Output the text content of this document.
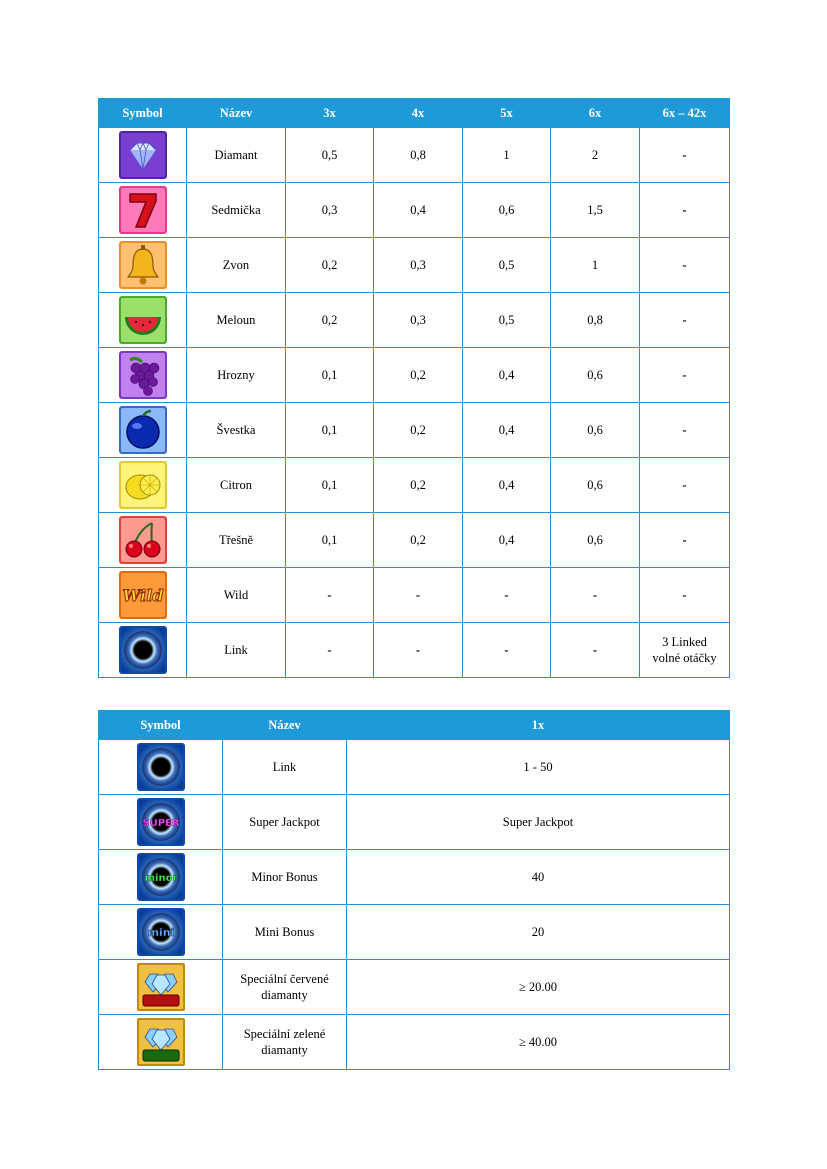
Symbol	Název	3x	4x	5x	6x	6x – 42x

	Diamant	0,5	0,8	1	2	-

	Sedmička	0,3	0,4	0,6	1,5	-

	Zvon	0,2	0,3	0,5	1	-

	Meloun	0,2	0,3	0,5	0,8	-

	Hrozny	0,1	0,2	0,4	0,6	-

	Švestka	0,1	0,2	0,4	0,6	-

	Citron	0,1	0,2	0,4	0,6	-

	Třešně	0,1	0,2	0,4	0,6	-

Wild	Wild	-	-	-	-	-

	Link	-	-	-	-	3 Linked
volné otáčky
Symbol	Název	1x

	Link	1 - 50

SUPER	Super Jackpot	Super Jackpot

minor	Minor Bonus	40

mini	Mini Bonus	20

	Speciální červené
diamanty	≥ 20.00

	Speciální zelené
diamanty	≥ 40.00
